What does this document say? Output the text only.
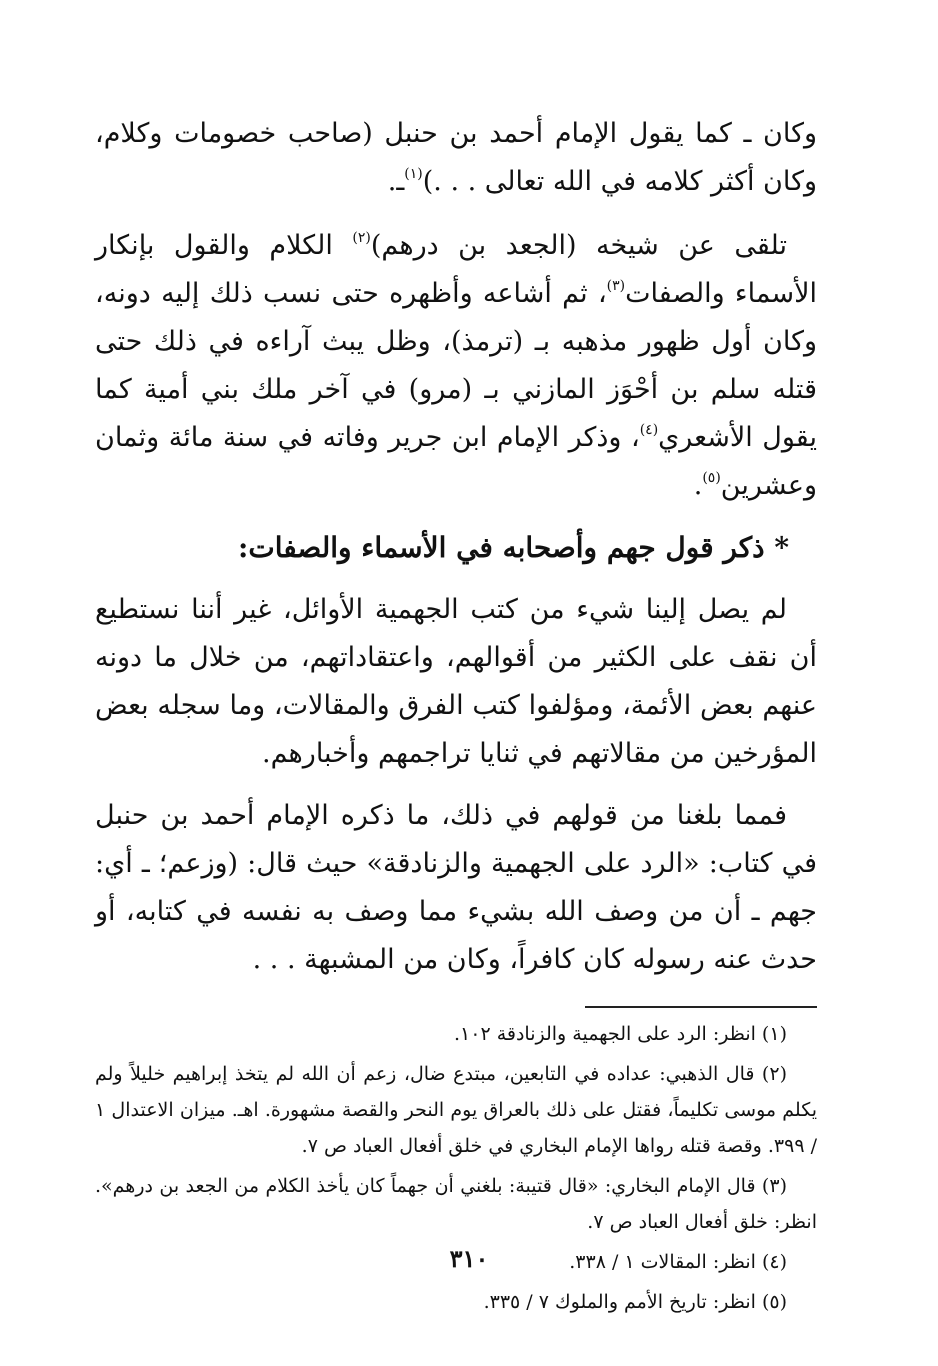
وكان ـ كما يقول الإمام أحمد بن حنبل (صاحب خصومات وكلام، وكان أكثر كلامه في الله تعالى . . .)$^{(١)}$ـ.

تلقى عن شيخه (الجعد بن درهم)$^{(٢)}$ الكلام والقول بإنكار الأسماء والصفات$^{(٣)}$، ثم أشاعه وأظهره حتى نسب ذلك إليه دونه، وكان أول ظهور مذهبه بـ (ترمذ)، وظل يبث آراءه في ذلك حتى قتله سلم بن أحْوَز المازني بـ (مرو) في آخر ملك بني أمية كما يقول الأشعري$^{(٤)}$، وذكر الإمام ابن جرير وفاته في سنة مائة وثمان وعشرين$^{(٥)}$.

* ذكر قول جهم وأصحابه في الأسماء والصفات:

لم يصل إلينا شيء من كتب الجهمية الأوائل، غير أننا نستطيع أن نقف على الكثير من أقوالهم، واعتقاداتهم، من خلال ما دونه عنهم بعض الأئمة، ومؤلفوا كتب الفرق والمقالات، وما سجله بعض المؤرخين من مقالاتهم في ثنايا تراجمهم وأخبارهم.

فمما بلغنا من قولهم في ذلك، ما ذكره الإمام أحمد بن حنبل في كتاب: «الرد على الجهمية والزنادقة» حيث قال: (وزعم؛ ـ أي: جهم ـ أن من وصف الله بشيء مما وصف به نفسه في كتابه، أو حدث عنه رسوله كان كافراً، وكان من المشبهة . . .

(١) انظر: الرد على الجهمية والزنادقة ١٠٢.

(٢) قال الذهبي: عداده في التابعين، مبتدع ضال، زعم أن الله لم يتخذ إبراهيم خليلاً ولم يكلم موسى تكليماً، فقتل على ذلك بالعراق يوم النحر والقصة مشهورة. اهـ. ميزان الاعتدال ١ / ٣٩٩. وقصة قتله رواها الإمام البخاري في خلق أفعال العباد ص ٧.

(٣) قال الإمام البخاري: «قال قتيبة: بلغني أن جهماً كان يأخذ الكلام من الجعد بن درهم». انظر: خلق أفعال العباد ص ٧.

(٤) انظر: المقالات ١ / ٣٣٨.

(٥) انظر: تاريخ الأمم والملوك ٧ / ٣٣٥.

٣١٠
